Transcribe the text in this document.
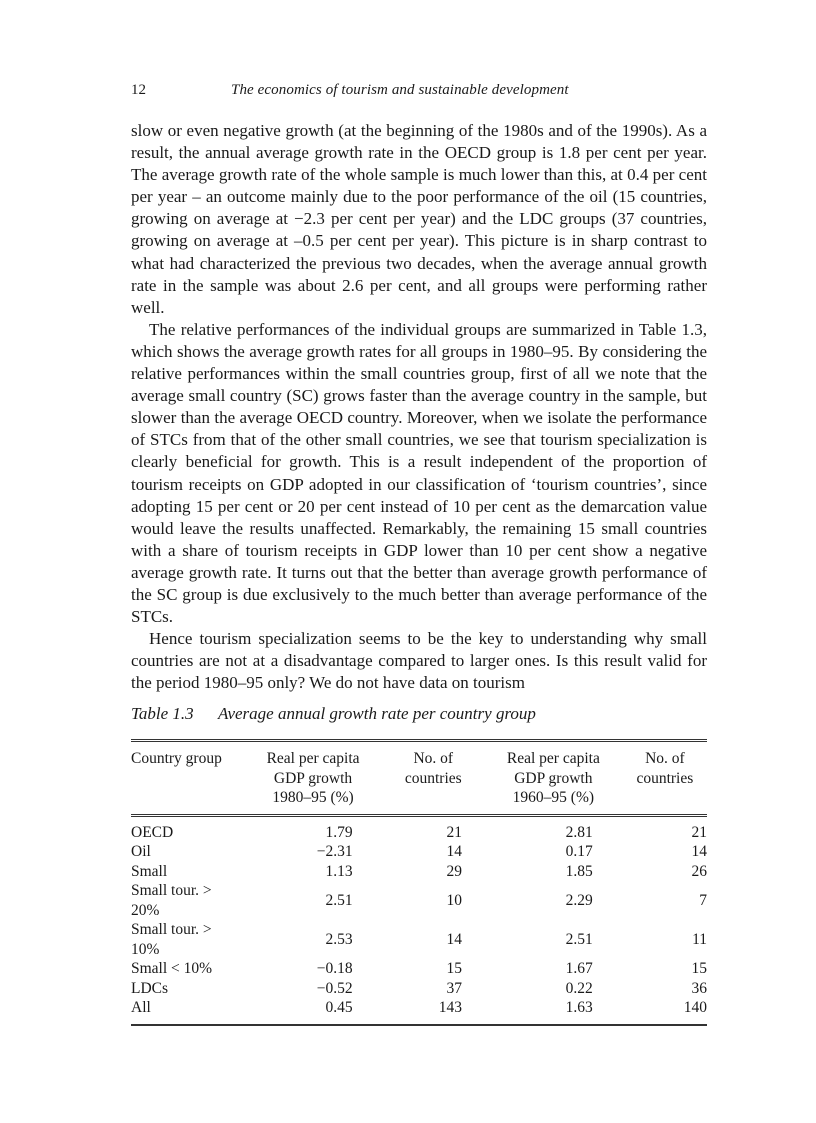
12	The economics of tourism and sustainable development

slow or even negative growth (at the beginning of the 1980s and of the 1990s). As a result, the annual average growth rate in the OECD group is 1.8 per cent per year. The average growth rate of the whole sample is much lower than this, at 0.4 per cent per year – an outcome mainly due to the poor performance of the oil (15 countries, growing on average at −2.3 per cent per year) and the LDC groups (37 countries, growing on average at –0.5 per cent per year). This picture is in sharp contrast to what had characterized the previous two decades, when the average annual growth rate in the sample was about 2.6 per cent, and all groups were performing rather well.

The relative performances of the individual groups are summarized in Table 1.3, which shows the average growth rates for all groups in 1980–95. By considering the relative performances within the small countries group, first of all we note that the average small country (SC) grows faster than the average country in the sample, but slower than the average OECD country. Moreover, when we isolate the performance of STCs from that of the other small countries, we see that tourism specialization is clearly beneficial for growth. This is a result independent of the proportion of tourism receipts on GDP adopted in our classification of ‘tourism countries’, since adopting 15 per cent or 20 per cent instead of 10 per cent as the demarcation value would leave the results unaffected. Remarkably, the remaining 15 small countries with a share of tourism receipts in GDP lower than 10 per cent show a negative average growth rate. It turns out that the better than average growth performance of the SC group is due exclusively to the much better than average performance of the STCs.

Hence tourism specialization seems to be the key to understanding why small countries are not at a disadvantage compared to larger ones. Is this result valid for the period 1980–95 only? We do not have data on tourism

Table 1.3 Average annual growth rate per country group
Country group	Real per capita
GDP growth
1980–95 (%)	No. of
countries	Real per capita
GDP growth
1960–95 (%)	No. of
countries

OECD	1.79	21	2.81	21
Oil	−2.31	14	0.17	14
Small	1.13	29	1.85	26
Small tour. > 20%	2.51	10	2.29	7
Small tour. > 10%	2.53	14	2.51	11
Small < 10%	−0.18	15	1.67	15
LDCs	−0.52	37	0.22	36
All	0.45	143	1.63	140
